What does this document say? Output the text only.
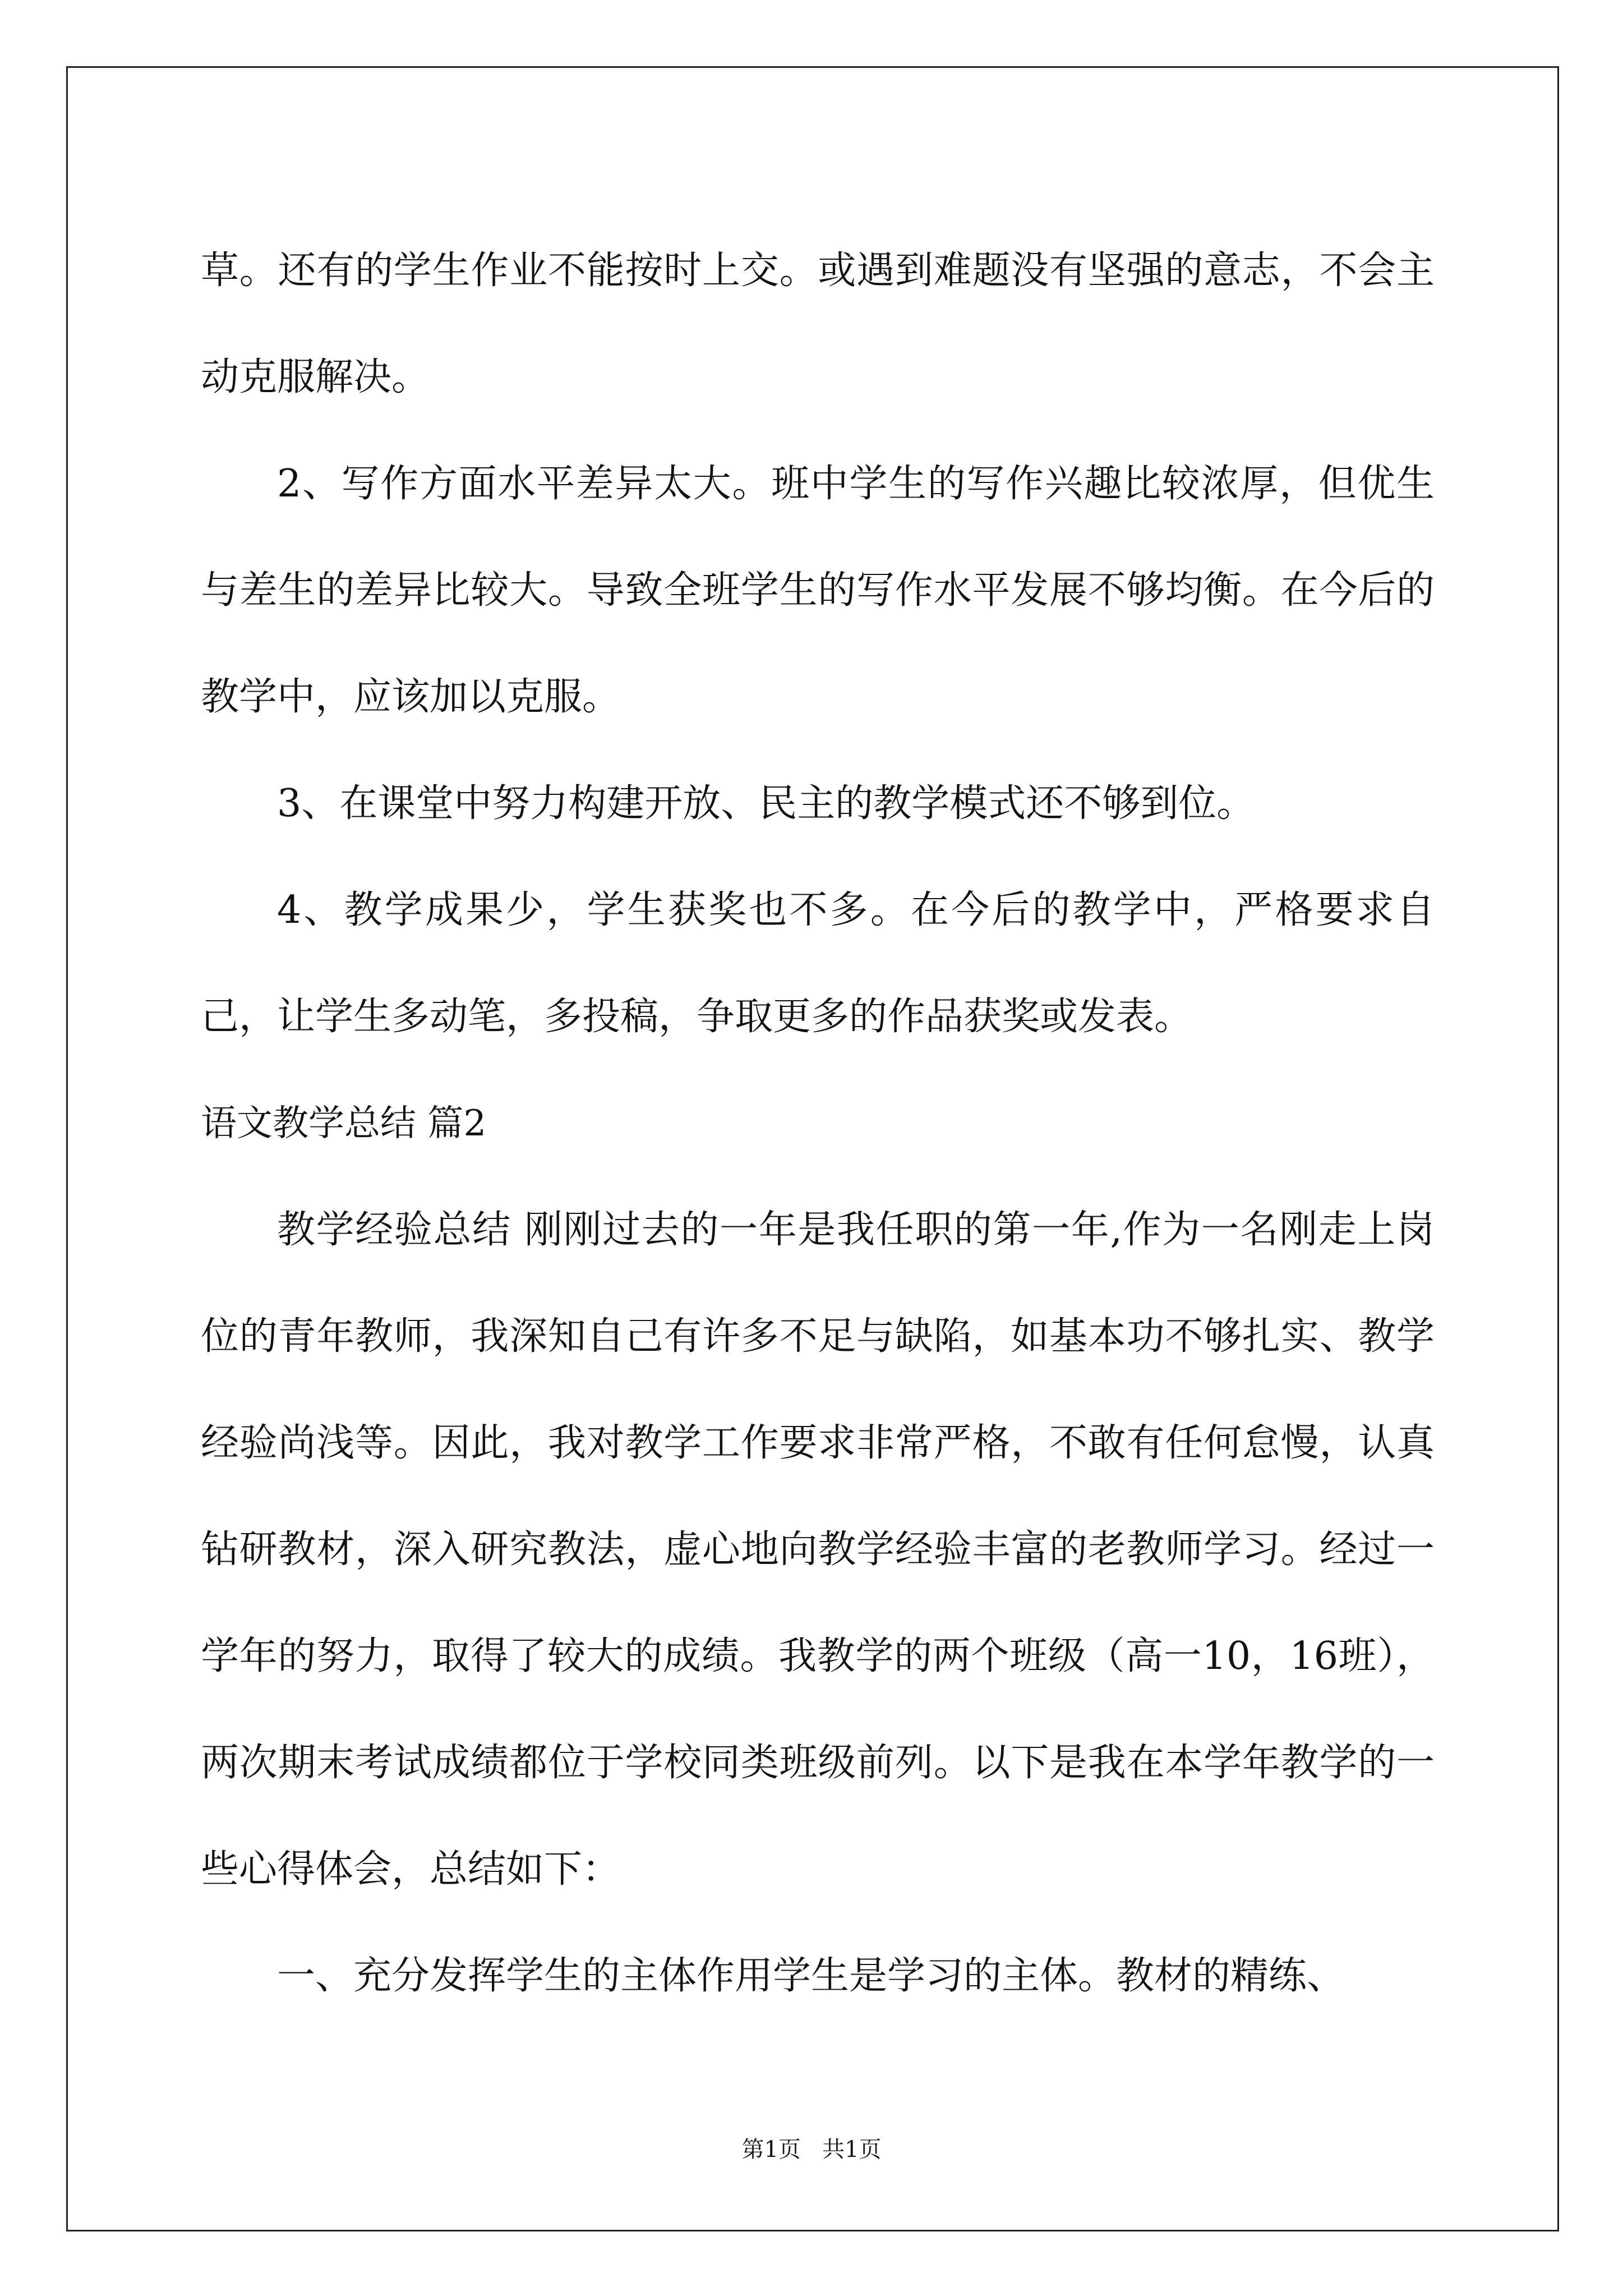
草。还有的学生作业不能按时上交。或遇到难题没有坚强的意志，不会主动克服解决。

2、写作方面水平差异太大。班中学生的写作兴趣比较浓厚，但优生与差生的差异比较大。导致全班学生的写作水平发展不够均衡。在今后的教学中，应该加以克服。

3、在课堂中努力构建开放、民主的教学模式还不够到位。

4、教学成果少，学生获奖也不多。在今后的教学中，严格要求自己，让学生多动笔，多投稿，争取更多的作品获奖或发表。

语文教学总结 篇2

教学经验总结 刚刚过去的一年是我任职的第一年,作为一名刚走上岗位的青年教师，我深知自己有许多不足与缺陷，如基本功不够扎实、教学经验尚浅等。因此，我对教学工作要求非常严格，不敢有任何怠慢，认真钻研教材，深入研究教法，虚心地向教学经验丰富的老教师学习。经过一学年的努力，取得了较大的成绩。我教学的两个班级（高一10，16班），两次期末考试成绩都位于学校同类班级前列。以下是我在本学年教学的一些心得体会，总结如下：

一、充分发挥学生的主体作用学生是学习的主体。教材的精练、

第1页   共1页
